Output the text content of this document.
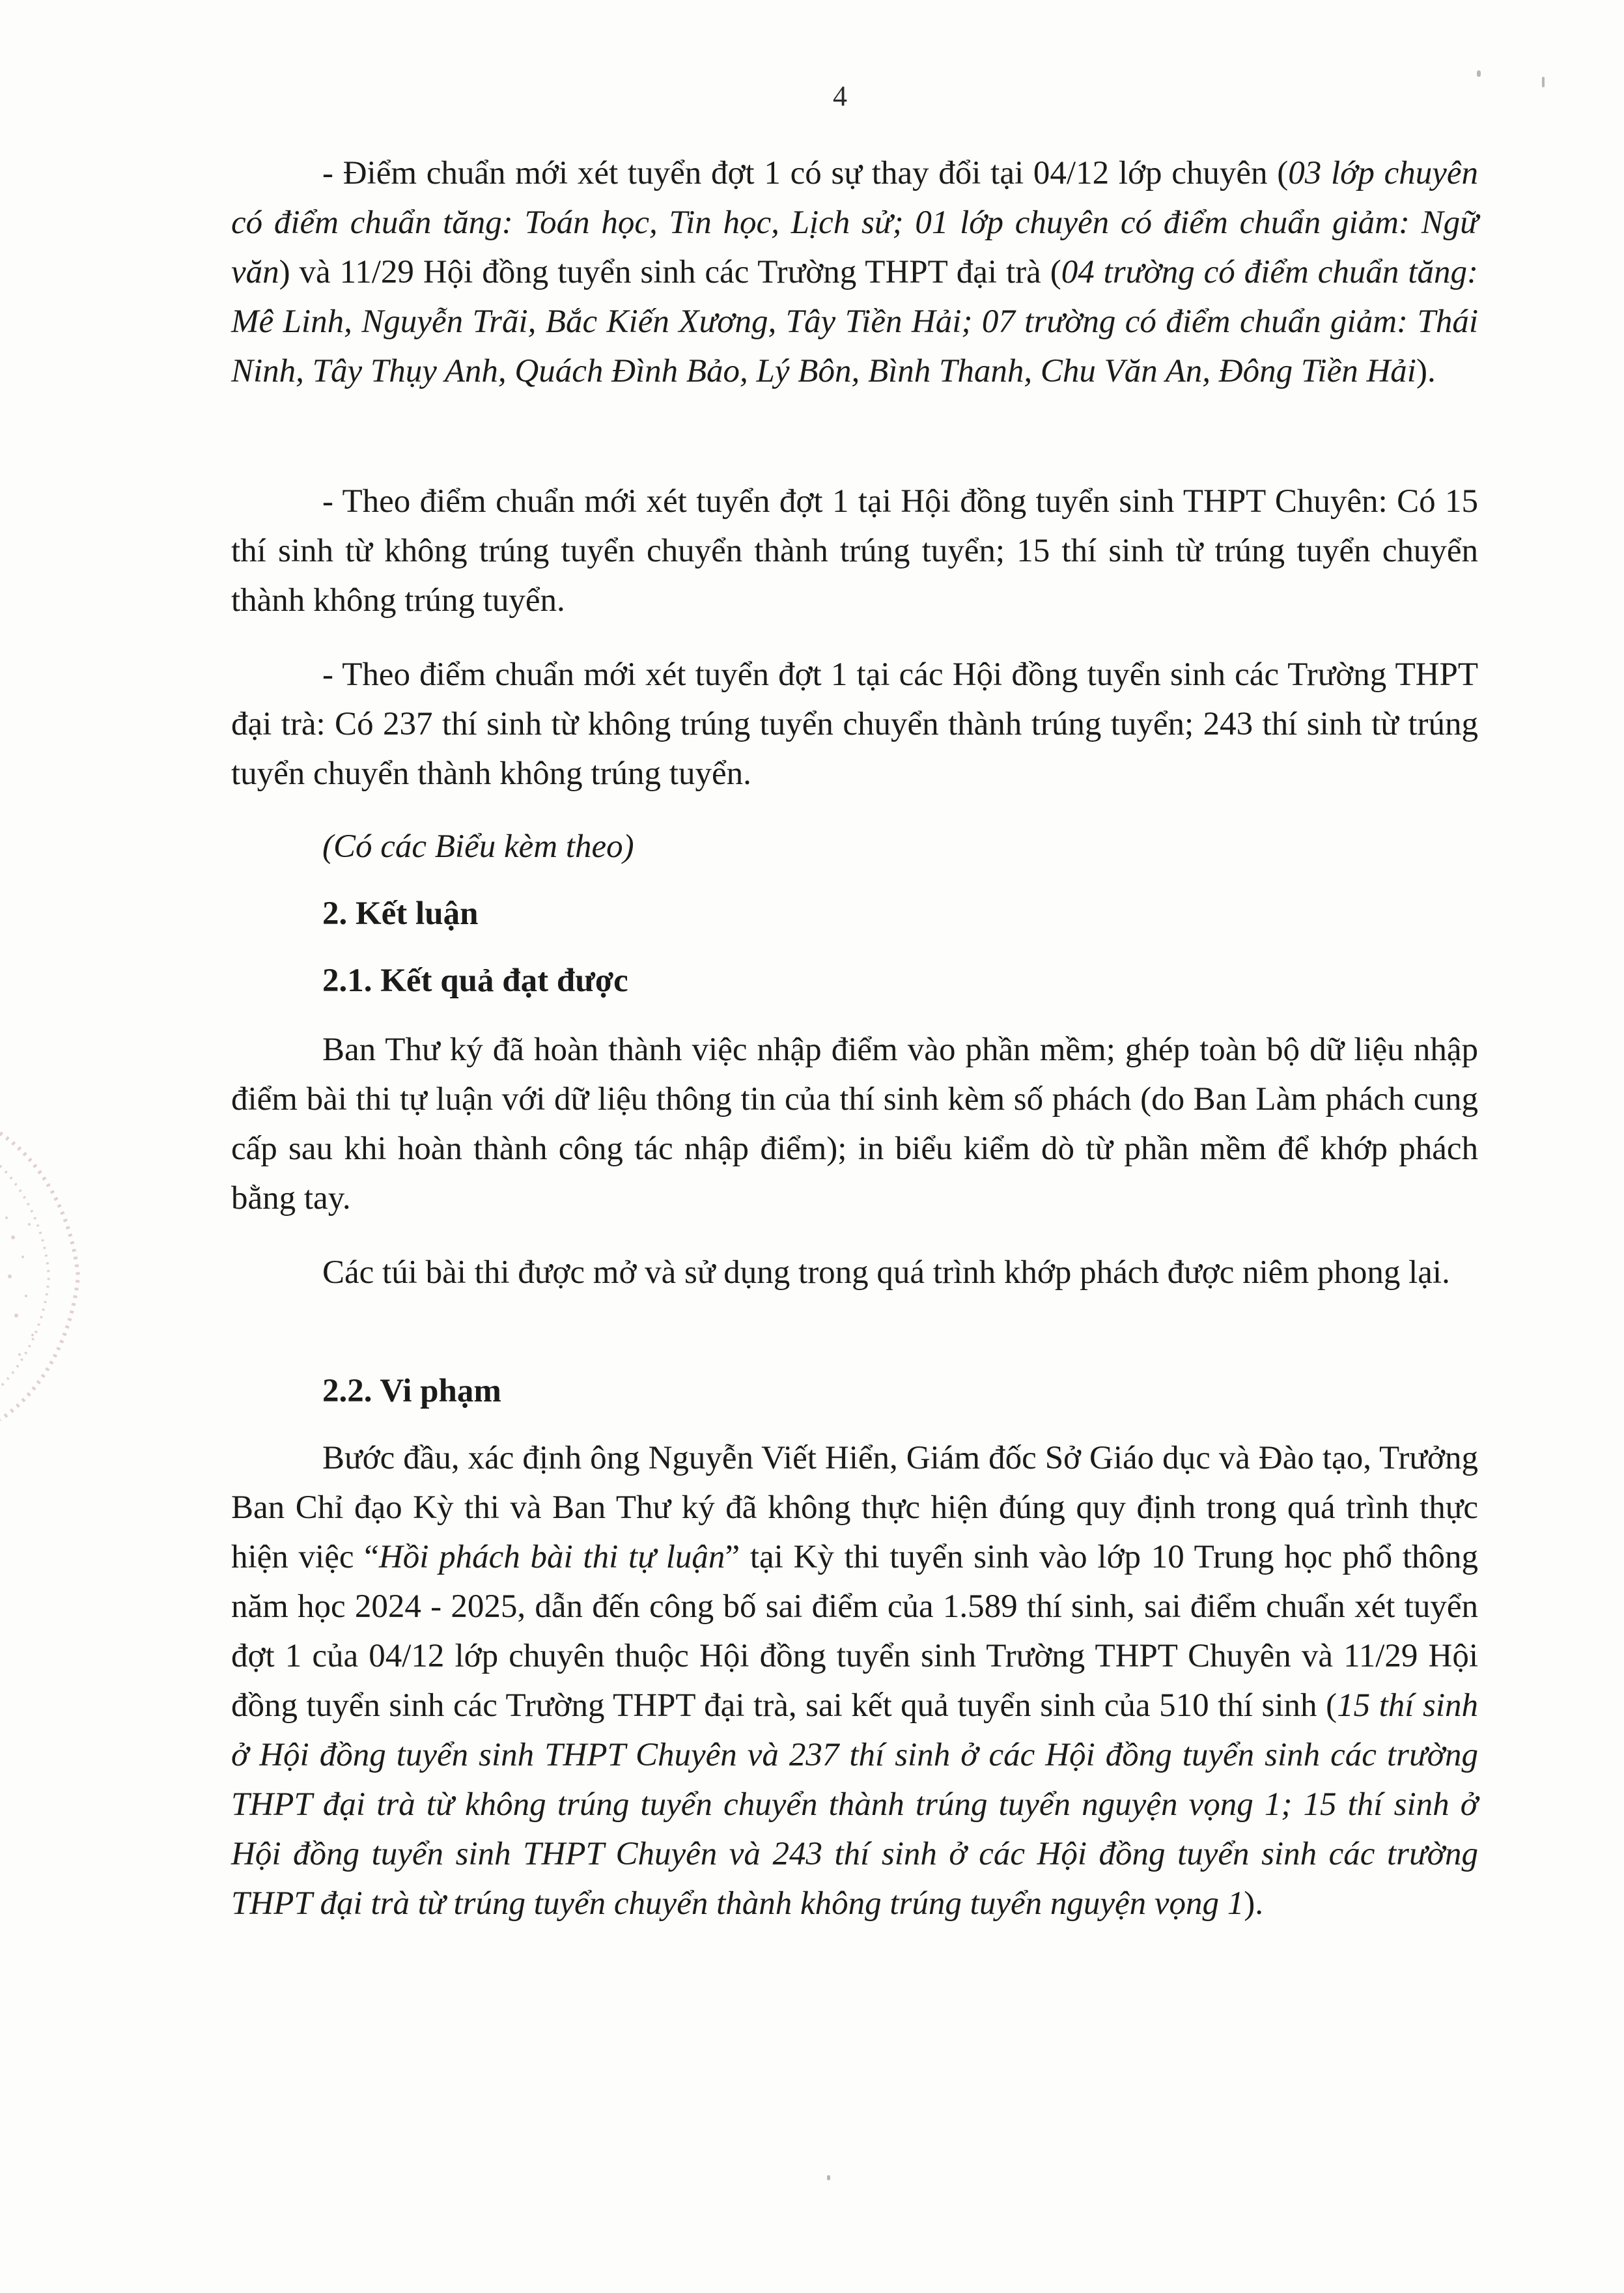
4

- Điểm chuẩn mới xét tuyển đợt 1 có sự thay đổi tại 04/12 lớp chuyên (03 lớp chuyên có điểm chuẩn tăng: Toán học, Tin học, Lịch sử; 01 lớp chuyên có điểm chuẩn giảm: Ngữ văn) và 11/29 Hội đồng tuyển sinh các Trường THPT đại trà (04 trường có điểm chuẩn tăng: Mê Linh, Nguyễn Trãi, Bắc Kiến Xương, Tây Tiền Hải; 07 trường có điểm chuẩn giảm: Thái Ninh, Tây Thụy Anh, Quách Đình Bảo, Lý Bôn, Bình Thanh, Chu Văn An, Đông Tiền Hải).

- Theo điểm chuẩn mới xét tuyển đợt 1 tại Hội đồng tuyển sinh THPT Chuyên: Có 15 thí sinh từ không trúng tuyển chuyển thành trúng tuyển; 15 thí sinh từ trúng tuyển chuyển thành không trúng tuyển.

- Theo điểm chuẩn mới xét tuyển đợt 1 tại các Hội đồng tuyển sinh các Trường THPT đại trà: Có 237 thí sinh từ không trúng tuyển chuyển thành trúng tuyển; 243 thí sinh từ trúng tuyển chuyển thành không trúng tuyển.

(Có các Biểu kèm theo)
2. Kết luận
2.1. Kết quả đạt được

Ban Thư ký đã hoàn thành việc nhập điểm vào phần mềm; ghép toàn bộ dữ liệu nhập điểm bài thi tự luận với dữ liệu thông tin của thí sinh kèm số phách (do Ban Làm phách cung cấp sau khi hoàn thành công tác nhập điểm); in biểu kiểm dò từ phần mềm để khớp phách bằng tay.

Các túi bài thi được mở và sử dụng trong quá trình khớp phách được niêm phong lại.

2.2. Vi phạm

Bước đầu, xác định ông Nguyễn Viết Hiển, Giám đốc Sở Giáo dục và Đào tạo, Trưởng Ban Chỉ đạo Kỳ thi và Ban Thư ký đã không thực hiện đúng quy định trong quá trình thực hiện việc “Hồi phách bài thi tự luận” tại Kỳ thi tuyển sinh vào lớp 10 Trung học phổ thông năm học 2024 - 2025, dẫn đến công bố sai điểm của 1.589 thí sinh, sai điểm chuẩn xét tuyển đợt 1 của 04/12 lớp chuyên thuộc Hội đồng tuyển sinh Trường THPT Chuyên và 11/29 Hội đồng tuyển sinh các Trường THPT đại trà, sai kết quả tuyển sinh của 510 thí sinh (15 thí sinh ở Hội đồng tuyển sinh THPT Chuyên và 237 thí sinh ở các Hội đồng tuyển sinh các trường THPT đại trà từ không trúng tuyển chuyển thành trúng tuyển nguyện vọng 1; 15 thí sinh ở Hội đồng tuyển sinh THPT Chuyên và 243 thí sinh ở các Hội đồng tuyển sinh các trường THPT đại trà từ trúng tuyển chuyển thành không trúng tuyển nguyện vọng 1).
